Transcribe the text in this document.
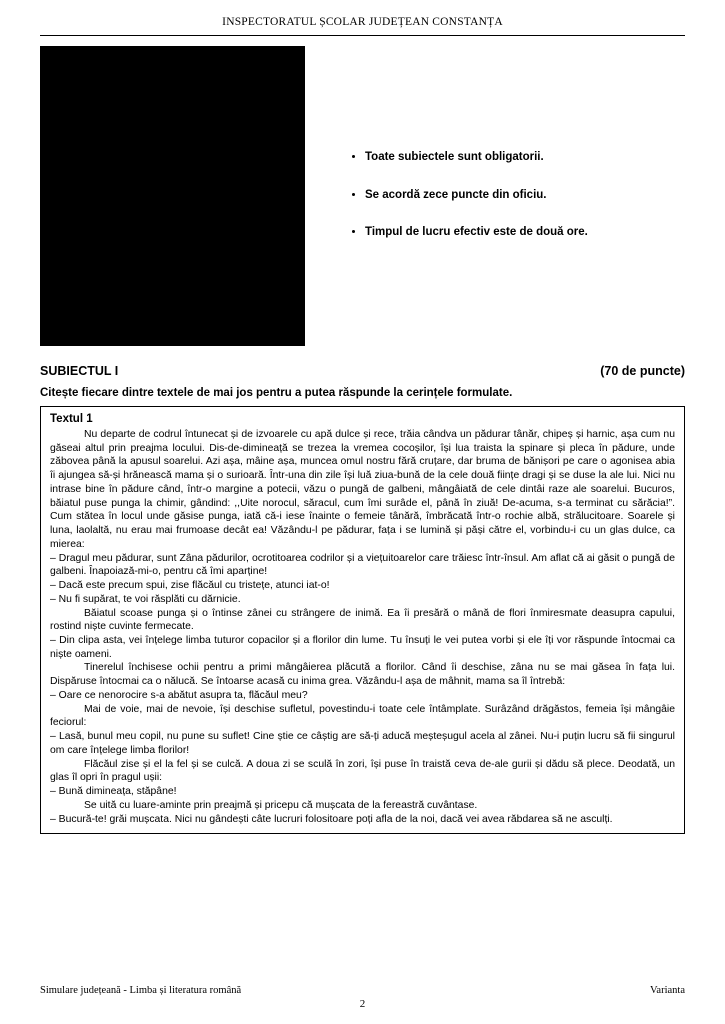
INSPECTORATUL ȘCOLAR JUDEȚEAN CONSTANȚA
• Toate subiectele sunt obligatorii.
• Se acordă zece puncte din oficiu.
• Timpul de lucru efectiv este de două ore.
SUBIECTUL I	(70 de puncte)
Citește fiecare dintre textele de mai jos pentru a putea răspunde la cerințele formulate.
Textul 1

Nu departe de codrul întunecat și de izvoarele cu apă dulce și rece, trăia cândva un pădurar tânăr, chipeș și harnic, așa cum nu găseai altul prin preajma locului. Dis-de-dimineață se trezea la vremea cocoșilor, își lua traista la spinare și pleca în pădure, unde zăbovea până la apusul soarelui. Azi așa, mâine așa, muncea omul nostru fără cruțare, dar bruma de bănișori pe care o agonisea abia îi ajungea să-și hrănească mama și o surioară. Într-una din zile își luă ziua-bună de la cele două ființe dragi și se duse la ale lui. Nici nu intrase bine în pădure când, într-o margine a potecii, văzu o pungă de galbeni, mângâiată de cele dintâi raze ale soarelui. Bucuros, băiatul puse punga la chimir, gândind: ,,Uite norocul, săracul, cum îmi surâde el, până în ziuă! De-acuma, s-a terminat cu sărăcia!”. Cum stătea în locul unde găsise punga, iată că-i iese înainte o femeie tânără, îmbrăcată într-o rochie albă, strălucitoare. Soarele și luna, laolaltă, nu erau mai frumoase decât ea! Văzându-l pe pădurar, fața i se lumină și păși către el, vorbindu-i cu un glas dulce, ca mierea:

– Dragul meu pădurar, sunt Zâna pădurilor, ocrotitoarea codrilor și a viețuitoarelor care trăiesc într-însul. Am aflat că ai găsit o pungă de galbeni. Înapoiază-mi-o, pentru că îmi aparține!

– Dacă este precum spui, zise flăcăul cu tristețe, atunci iat-o!

– Nu fi supărat, te voi răsplăti cu dărnicie.

Băiatul scoase punga și o întinse zânei cu strângere de inimă. Ea îi presără o mână de flori înmiresmate deasupra capului, rostind niște cuvinte fermecate.

– Din clipa asta, vei înțelege limba tuturor copacilor și a florilor din lume. Tu însuți le vei putea vorbi și ele îți vor răspunde întocmai ca niște oameni.

Tinerelul închisese ochii pentru a primi mângâierea plăcută a florilor. Când îi deschise, zâna nu se mai găsea în fața lui. Dispăruse întocmai ca o nălucă. Se întoarse acasă cu inima grea. Văzându-l așa de mâhnit, mama sa îl întrebă:

– Oare ce nenorocire s-a abătut asupra ta, flăcăul meu?

Mai de voie, mai de nevoie, își deschise sufletul, povestindu-i toate cele întâmplate. Surâzând drăgăstos, femeia își mângâie feciorul:

– Lasă, bunul meu copil, nu pune su suflet! Cine știe ce câștig are să-ți aducă meșteșugul acela al zânei. Nu-i puțin lucru să fii singurul om care înțelege limba florilor!

Flăcăul zise și el la fel și se culcă. A doua zi se sculă în zori, își puse în traistă ceva de-ale gurii și dădu să plece. Deodată, un glas îl opri în pragul ușii:

– Bună dimineața, stăpâne!

Se uită cu luare-aminte prin preajmă și pricepu că mușcata de la fereastră cuvântase.

– Bucură-te! grăi mușcata. Nici nu gândești câte lucruri folositoare poți afla de la noi, dacă vei avea răbdarea să ne asculți.

Simulare județeană - Limba și literatura română	Varianta
2
